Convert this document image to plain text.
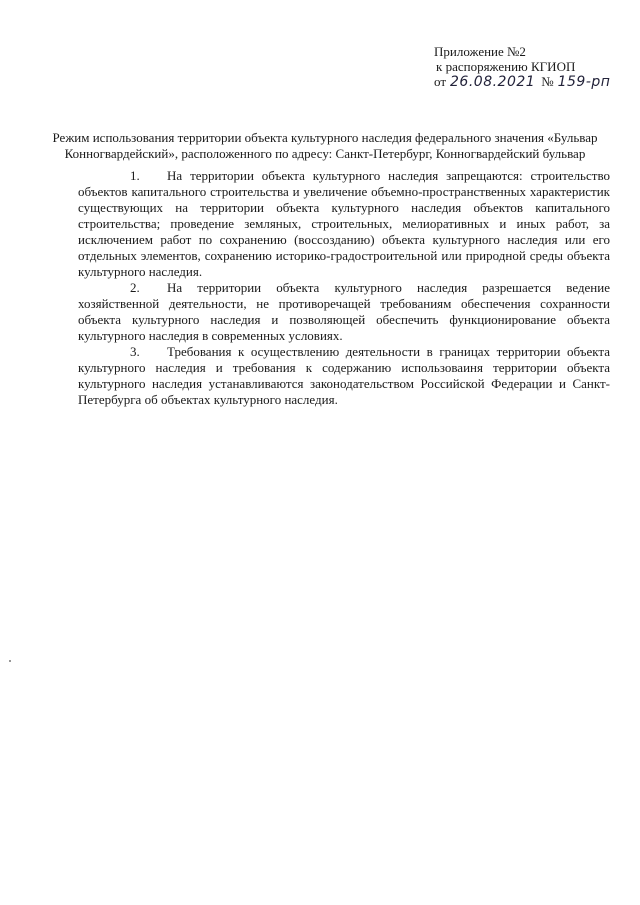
Приложение №2
к распоряжению КГИОП
от 26.08.2021 № 159-рп
Режим использования территории объекта культурного наследия федерального значения «Бульвар Конногвардейский», расположенного по адресу: Санкт-Петербург, Конногвардейский бульвар

1. На территории объекта культурного наследия запрещаются: строительство объектов капитального строительства и увеличение объемно-пространственных характеристик существующих на территории объекта культурного наследия объектов капитального строительства; проведение земляных, строительных, мелиоративных и иных работ, за исключением работ по сохранению (воссозданию) объекта культурного наследия или его отдельных элементов, сохранению историко-градостроительной или природной среды объекта культурного наследия.

2. На территории объекта культурного наследия разрешается ведение хозяйственной деятельности, не противоречащей требованиям обеспечения сохранности объекта культурного наследия и позволяющей обеспечить функционирование объекта культурного наследия в современных условиях.

3. Требования к осуществлению деятельности в границах территории объекта культурного наследия и требования к содержанию использоваиня территории объекта культурного наследия устанавливаются законодательством Российской Федерации и Санкт-Петербурга об объектах культурного наследия.
